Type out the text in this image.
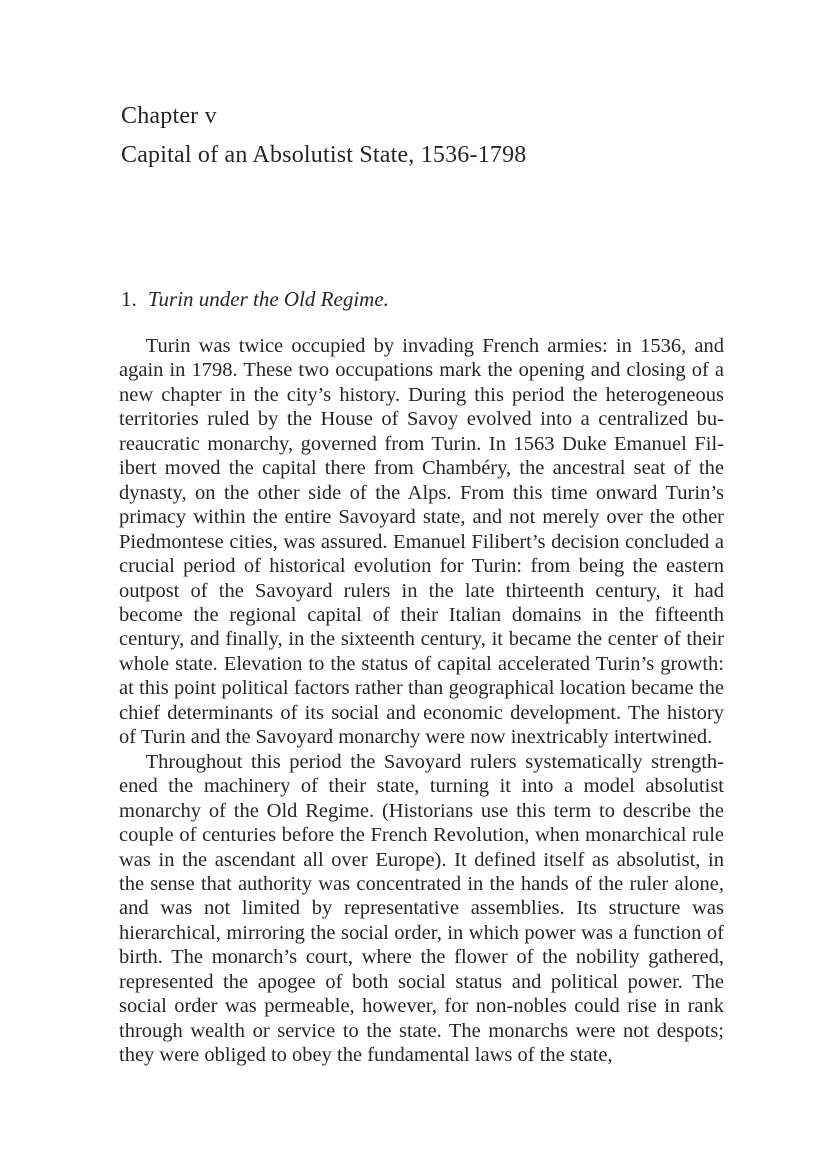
Chapter v
Capital of an Absolutist State, 1536-1798
1. Turin under the Old Regime.

Turin was twice occupied by invading French armies: in 1536, and again in 1798. These two occupations mark the opening and closing of a new chapter in the city’s history. During this period the heterogeneous territories ruled by the House of Savoy evolved into a centralized bureaucratic monarchy, governed from Turin. In 1563 Duke Emanuel Filibert moved the capital there from Chambéry, the ancestral seat of the dynasty, on the other side of the Alps. From this time onward Turin’s primacy within the entire Savoyard state, and not merely over the other Piedmontese cities, was assured. Emanuel Filibert’s decision concluded a crucial period of historical evolution for Turin: from being the eastern outpost of the Savoyard rulers in the late thirteenth century, it had become the regional capital of their Italian domains in the fifteenth century, and finally, in the sixteenth century, it became the center of their whole state. Elevation to the status of capital accelerated Turin’s growth: at this point political factors rather than geographical location became the chief determinants of its social and economic development. The history of Turin and the Savoyard monarchy were now inextricably intertwined.

Throughout this period the Savoyard rulers systematically strengthened the machinery of their state, turning it into a model absolutist monarchy of the Old Regime. (Historians use this term to describe the couple of centuries before the French Revolution, when monarchical rule was in the ascendant all over Europe). It defined itself as absolutist, in the sense that authority was concentrated in the hands of the ruler alone, and was not limited by representative assemblies. Its structure was hierarchical, mirroring the social order, in which power was a function of birth. The monarch’s court, where the flower of the nobility gathered, represented the apogee of both social status and political power. The social order was permeable, however, for non-nobles could rise in rank through wealth or service to the state. The monarchs were not despots; they were obliged to obey the fundamental laws of the state,
